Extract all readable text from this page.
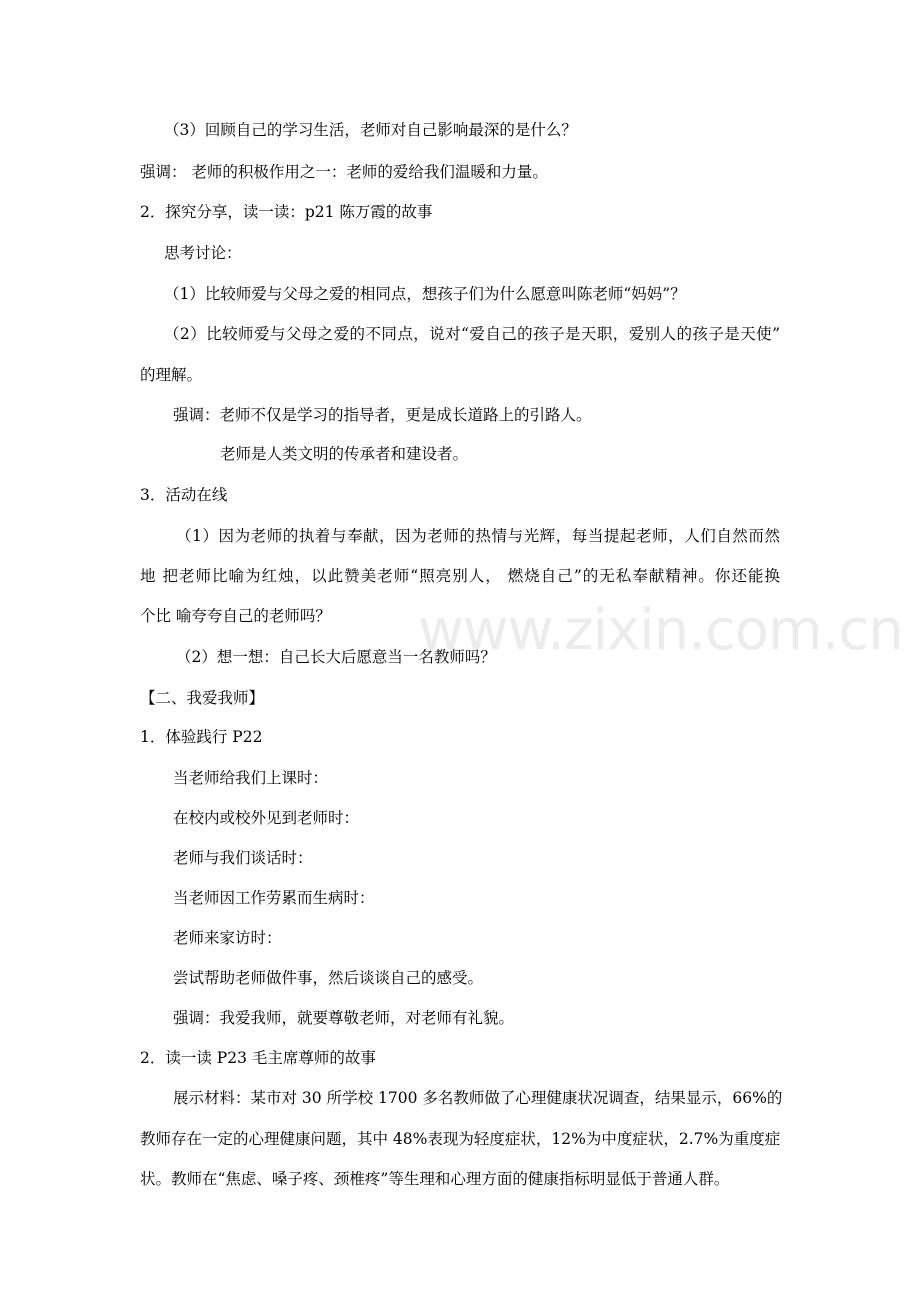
（3）回顾自己的学习生活，老师对自己影响最深的是什么？
强调： 老师的积极作用之一：老师的爱给我们温暖和力量。
2．探究分享，读一读：p21 陈万霞的故事
思考讨论：
（1）比较师爱与父母之爱的相同点，想孩子们为什么愿意叫陈老师“妈妈”？
（2）比较师爱与父母之爱的不同点，说对“爱自己的孩子是天职，爱别人的孩子是天使”
的理解。
强调：老师不仅是学习的指导者，更是成长道路上的引路人。
老师是人类文明的传承者和建设者。
3．活动在线
（1）因为老师的执着与奉献，因为老师的热情与光辉，每当提起老师，人们自然而然
地 把老师比喻为红烛，以此赞美老师“照亮别人， 燃烧自己”的无私奉献精神。你还能换
个比 喻夸夸自己的老师吗？
（2）想一想：自己长大后愿意当一名教师吗？
【二、我爱我师】
1．体验践行 P22
当老师给我们上课时：
在校内或校外见到老师时：
老师与我们谈话时：
当老师因工作劳累而生病时：
老师来家访时：
尝试帮助老师做件事，然后谈谈自己的感受。
强调：我爱我师，就要尊敬老师，对老师有礼貌。
2．读一读 P23 毛主席尊师的故事
展示材料：某市对 30 所学校 1700 多名教师做了心理健康状况调查，结果显示，66%的
教师存在一定的心理健康问题，其中 48%表现为轻度症状，12%为中度症状，2.7%为重度症
状。教师在“焦虑、嗓子疼、颈椎疼”等生理和心理方面的健康指标明显低于普通人群。
www.zixin.com.cn
